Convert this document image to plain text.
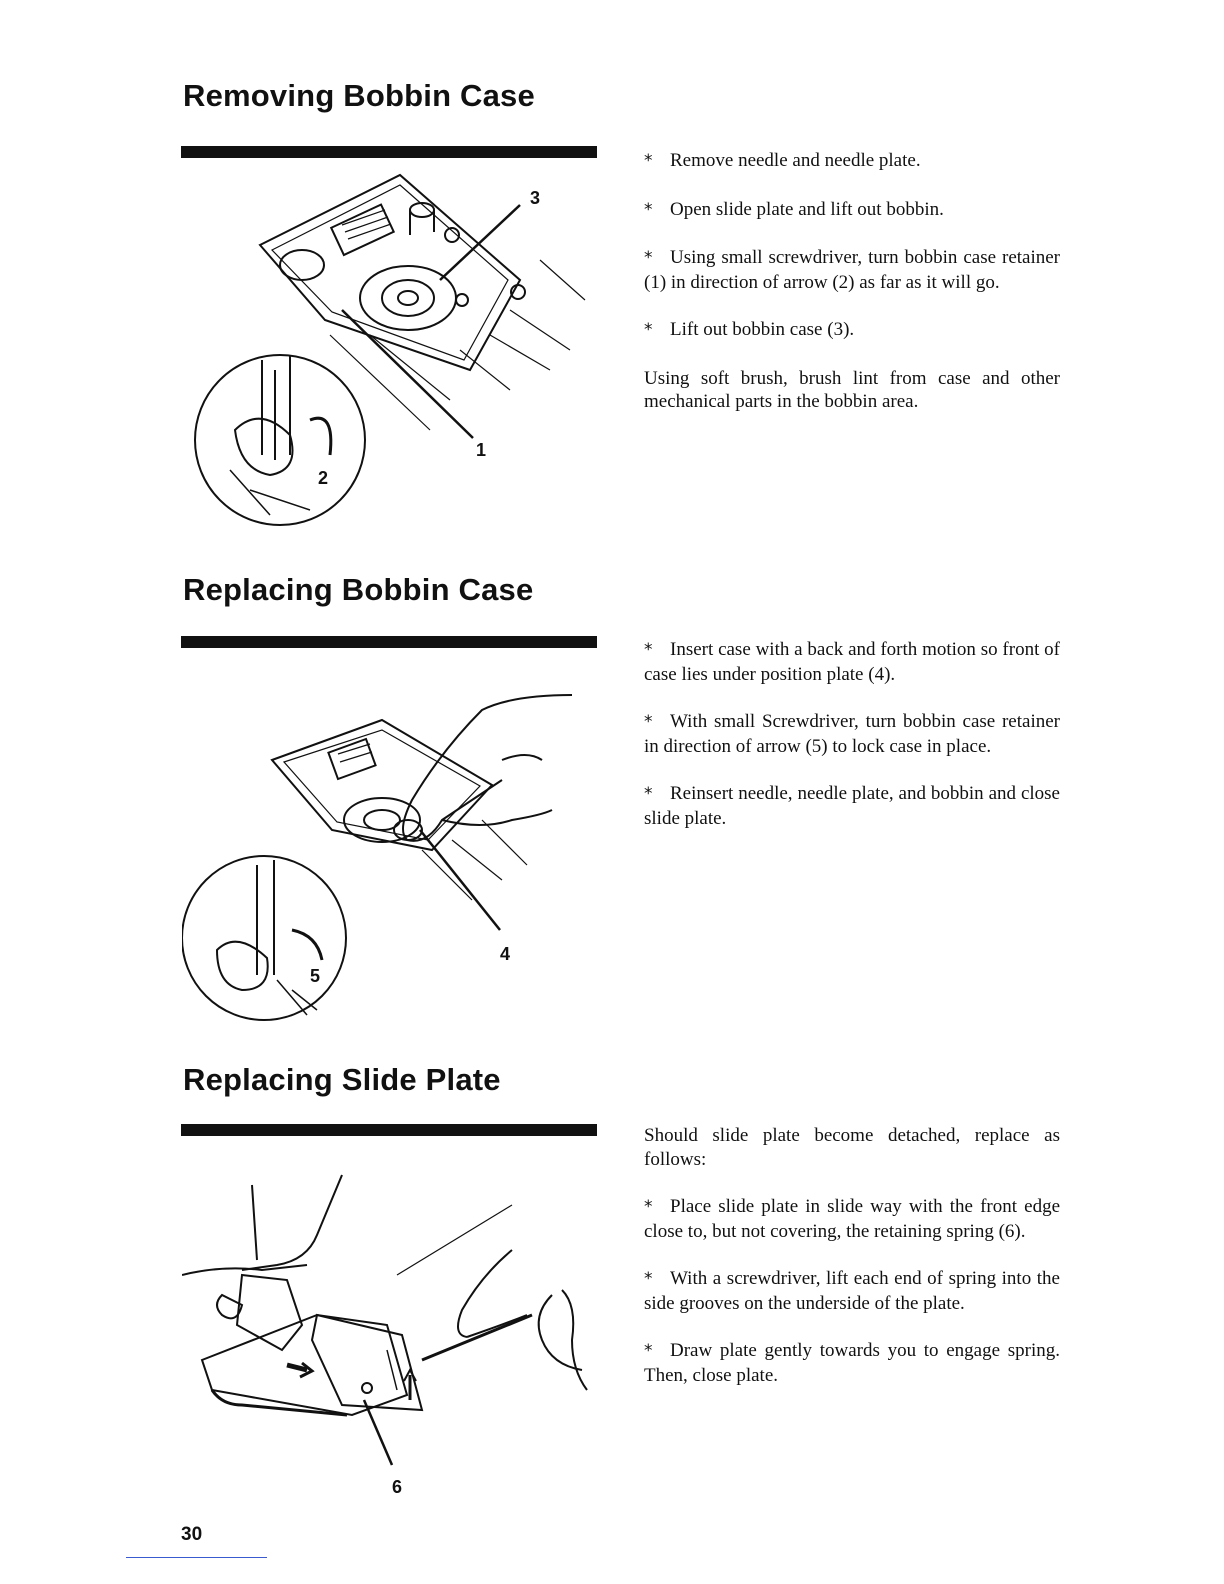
Removing Bobbin Case
3
1
2

* Remove needle and needle plate.

* Open slide plate and lift out bobbin.

* Using small screwdriver, turn bobbin case retainer (1) in direction of arrow (2) as far as it will go.

* Lift out bobbin case (3).

Using soft brush, brush lint from case and other mechanical parts in the bobbin area.

Replacing Bobbin Case
4
5

* Insert case with a back and forth motion so front of case lies under position plate (4).

* With small Screwdriver, turn bobbin case retainer in direction of arrow (5) to lock case in place.

* Reinsert needle, needle plate, and bobbin and close slide plate.

Replacing Slide Plate
6

Should slide plate become detached, replace as follows:

* Place slide plate in slide way with the front edge close to, but not covering, the retaining spring (6).

* With a screwdriver, lift each end of spring into the side grooves on the underside of the plate.

* Draw plate gently towards you to engage spring. Then, close plate.

30
